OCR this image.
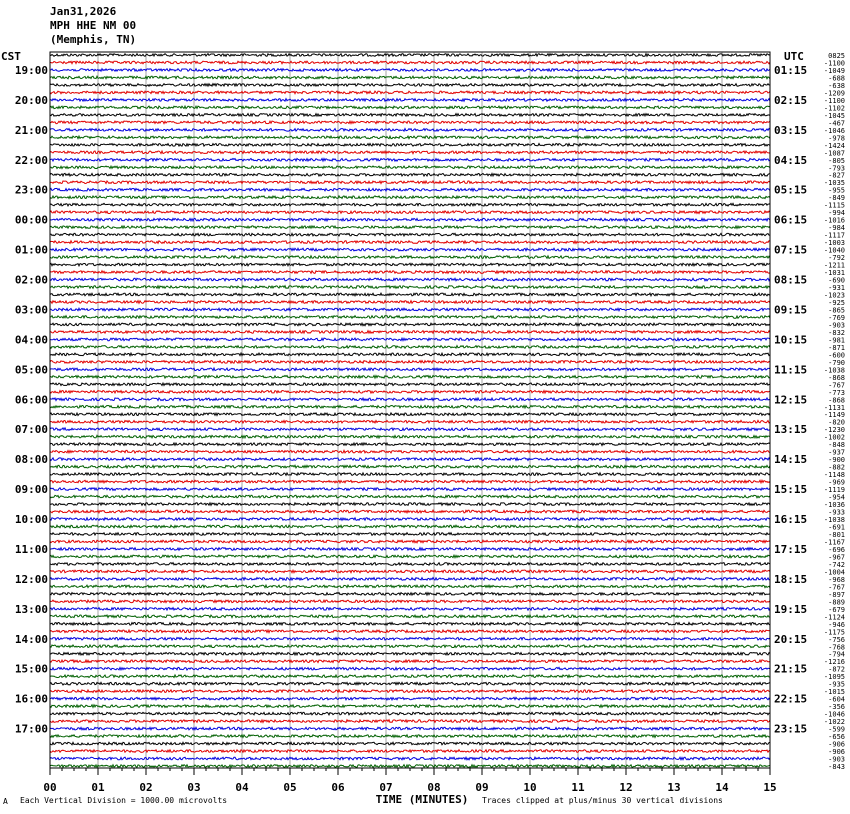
Jan31,2026
MPH HHE NM 00
(Memphis, TN)
CST	UTC	0825
-1100
-1049
-688
-638
-1209
-1100
-1102
-1045
-467
-1046
-978
-1424
-1087
-805
-793
-827
-1035
-955
-849
-1115
-994
-1016
-984
-1117
-1003
-1040
-792
-1211
-1031
-690
-931
-1023
-925
-865
-769
-903
-832
-981
-871
-600
-790
-1038
-868
-767
-773
-868
-1131
-1149
-820
-1230
-1002
-848
-937
-900
-882
-1148
-969
-1119
-954
-1036
-933
-1038
-691
-801
-1167
-696
-967
-742
-1004
-968
-767
-897
-889
-679
-1124
-946
-1175
-756
-768
-794
-1216
-872
-1095
-935
-1015
-604
-356
-1046
-1022
-599
-656
-906
-906
-903
-843
19:00
20:00
21:00
22:00
23:00
00:00
01:00
02:00
03:00
04:00
05:00
06:00
07:00
08:00
09:00
10:00
11:00
12:00
13:00
14:00
15:00
16:00
17:00
01:15
02:15
03:15
04:15
05:15
06:15
07:15
08:15
09:15
10:15
11:15
12:15
13:15
14:15
15:15
16:15
17:15
18:15
19:15
20:15
21:15
22:15
23:15
00	01	02	03	04	05	06	07	08	09	10	11	12	13	14	15
TIME (MINUTES)
A Each Vertical Division = 1000.00 microvolts	Traces clipped at plus/minus 30 vertical divisions
